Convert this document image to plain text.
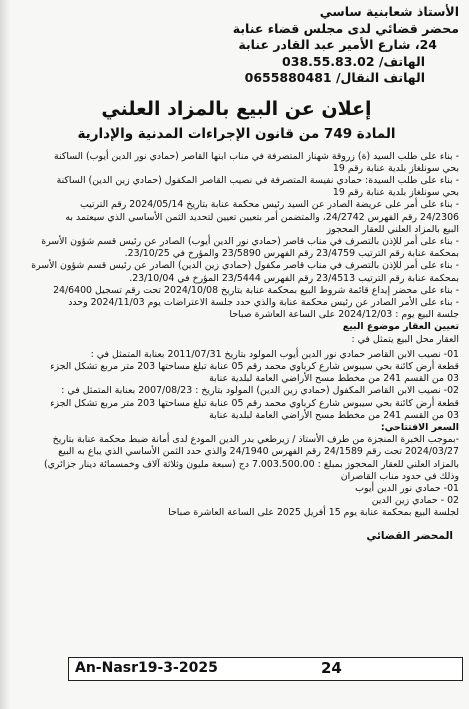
الأستاذ شعابنية ساسي

محضر قضائي لدى مجلس قضاء عنابة

24، شارع الأمير عبد القادر عنابة

الهاتف/ 038.55.83.02

الهاتف النقال/ 0655880481

إعلان عن البيع بالمزاد العلني
المادة 749 من قانون الإجراءات المدنية والإدارية

- بناء على طلب السيد (ة) زروقة شهناز المتصرفة في مناب ابنها القاصر (حمادي نور الدين أيوب) الساكنة

بحي سونلغاز بلدية عنابة رقم 19

- بناء على طلب السيدة: حمادي نفيسة المتصرفة في نصيب القاصر المكفول (حمادي زين الدين) الساكنة

بحي سونلغاز بلدية عنابة رقم 19

- بناء على أمر على عريضة الصادر عن السيد رئيس محكمة عنابة بتاريخ 2024/05/14 رقم الترتيب

24/2306 رقم الفهرس 24/2742، والمتضمن أمر بتعيين تعيين لتحديد الثمن الأساسي الذي سيعتمد به

البيع بالمزاد العلني للعقار المحجوز

- بناء على أمر للإذن بالتصرف في مناب قاصر (حمادي نور الدين أيوب) الصادر عن رئيس قسم شؤون الأسرة

بمحكمة عنابة رقم الترتيب 23/4759 رقم الفهرس 23/5890 والمؤرخ في 23/10/25.

- بناء على أمر للإذن بالتصرف في مناب قاصر مكفول (حمادي زين الدين) الصادر عن رئيس قسم شؤون الأسرة

بمحكمة عنابة رقم الترتيب 23/4513 رقم الفهرس 23/5444 المؤرخ في 23/10/04.

- بناء على محضر إيداع قائمة شروط البيع بمحكمة عنابة بتاريخ 2024/10/08 تحت رقم تسجيل 24/6400

- بناء على الأمر الصادر عن رئيس محكمة عنابة والذي حدد جلسة الاعتراضات يوم 2024/11/03 وحدد

جلسة البيع يوم : 2024/12/03 على الساعة العاشرة صباحا

تعيين العقار موضوع البيع

العقار محل البيع يتمثل في :

01- نصيب الابن القاصر حمادي نور الدين أيوب المولود بتاريخ 2011/07/31 بعنابة المتمثل في :

قطعة أرض كائنة بحي سيبوس شارع كرباوي محمد رقم 05 عنابة تبلغ مساحتها 203 متر مربع تشكل الجزء

03 من القسم 241 من مخطط مسح الأراضي العامة لبلدية عنابة

02- نصيب الابن القاصر المكفول (حمادي زين الدين) المولود بتاريخ : 2007/08/23 بعنابة المتمثل في :

قطعة أرض كائنة بحي سيبوس شارع كرباوي محمد رقم 05 عنابة تبلغ مساحتها 203 متر مربع تشكل الجزء

03 من القسم 241 من مخطط مسح الأراضي العامة لبلدية عنابة

السعر الافتتاحي:

-بموجب الخبرة المنجزة من طرف الأستاذ / زيرطعي بدر الدين المودع لدى أمانة ضبط محكمة عنابة بتاريخ

2024/03/27 تحت رقم 24/1589 رقم الفهرس 24/1940 والذي حدد الثمن الأساسي الذي يباع به البيع

بالمزاد العلني للعقار المحجوز بمبلغ : 7.003.500.00 دج (سبعة مليون وثلاثة آلاف وخمسمائة دينار جزائري)

وذلك في حدود مناب القاصران

01- حمادي نور الدين أيوب

02 - حمادي زين الدين

لجلسة البيع بمحكمة عنابة يوم 15 أفريل 2025 على الساعة العاشرة صباحا

المحضر القضائي
An-Nasr19-3-2025	24
